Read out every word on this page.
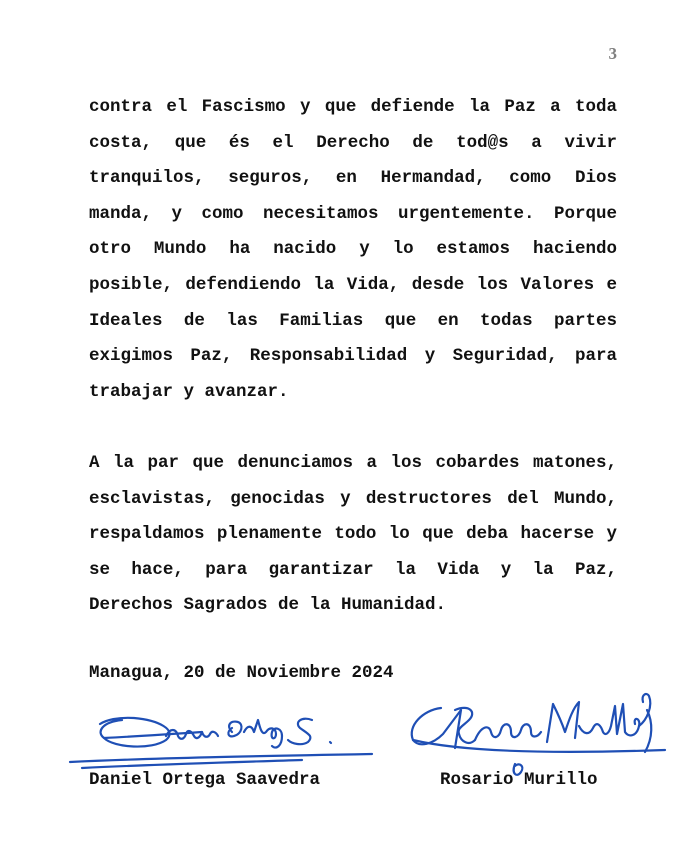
3

contra el Fascismo y que defiende la Paz a toda costa, que és el Derecho de tod@s a vivir tranquilos, seguros, en Hermandad, como Dios manda, y como necesitamos urgentemente. Porque otro Mundo ha nacido y lo estamos haciendo posible, defendiendo la Vida, desde los Valores e Ideales de las Familias que en todas partes exigimos Paz, Responsabilidad y Seguridad, para trabajar y avanzar.

A la par que denunciamos a los cobardes matones, esclavistas, genocidas y destructores del Mundo, respaldamos plenamente todo lo que deba hacerse y se hace, para garantizar la Vida y la Paz, Derechos Sagrados de la Humanidad.

Managua, 20 de Noviembre 2024
Daniel Ortega Saavedra	Rosario Murillo
